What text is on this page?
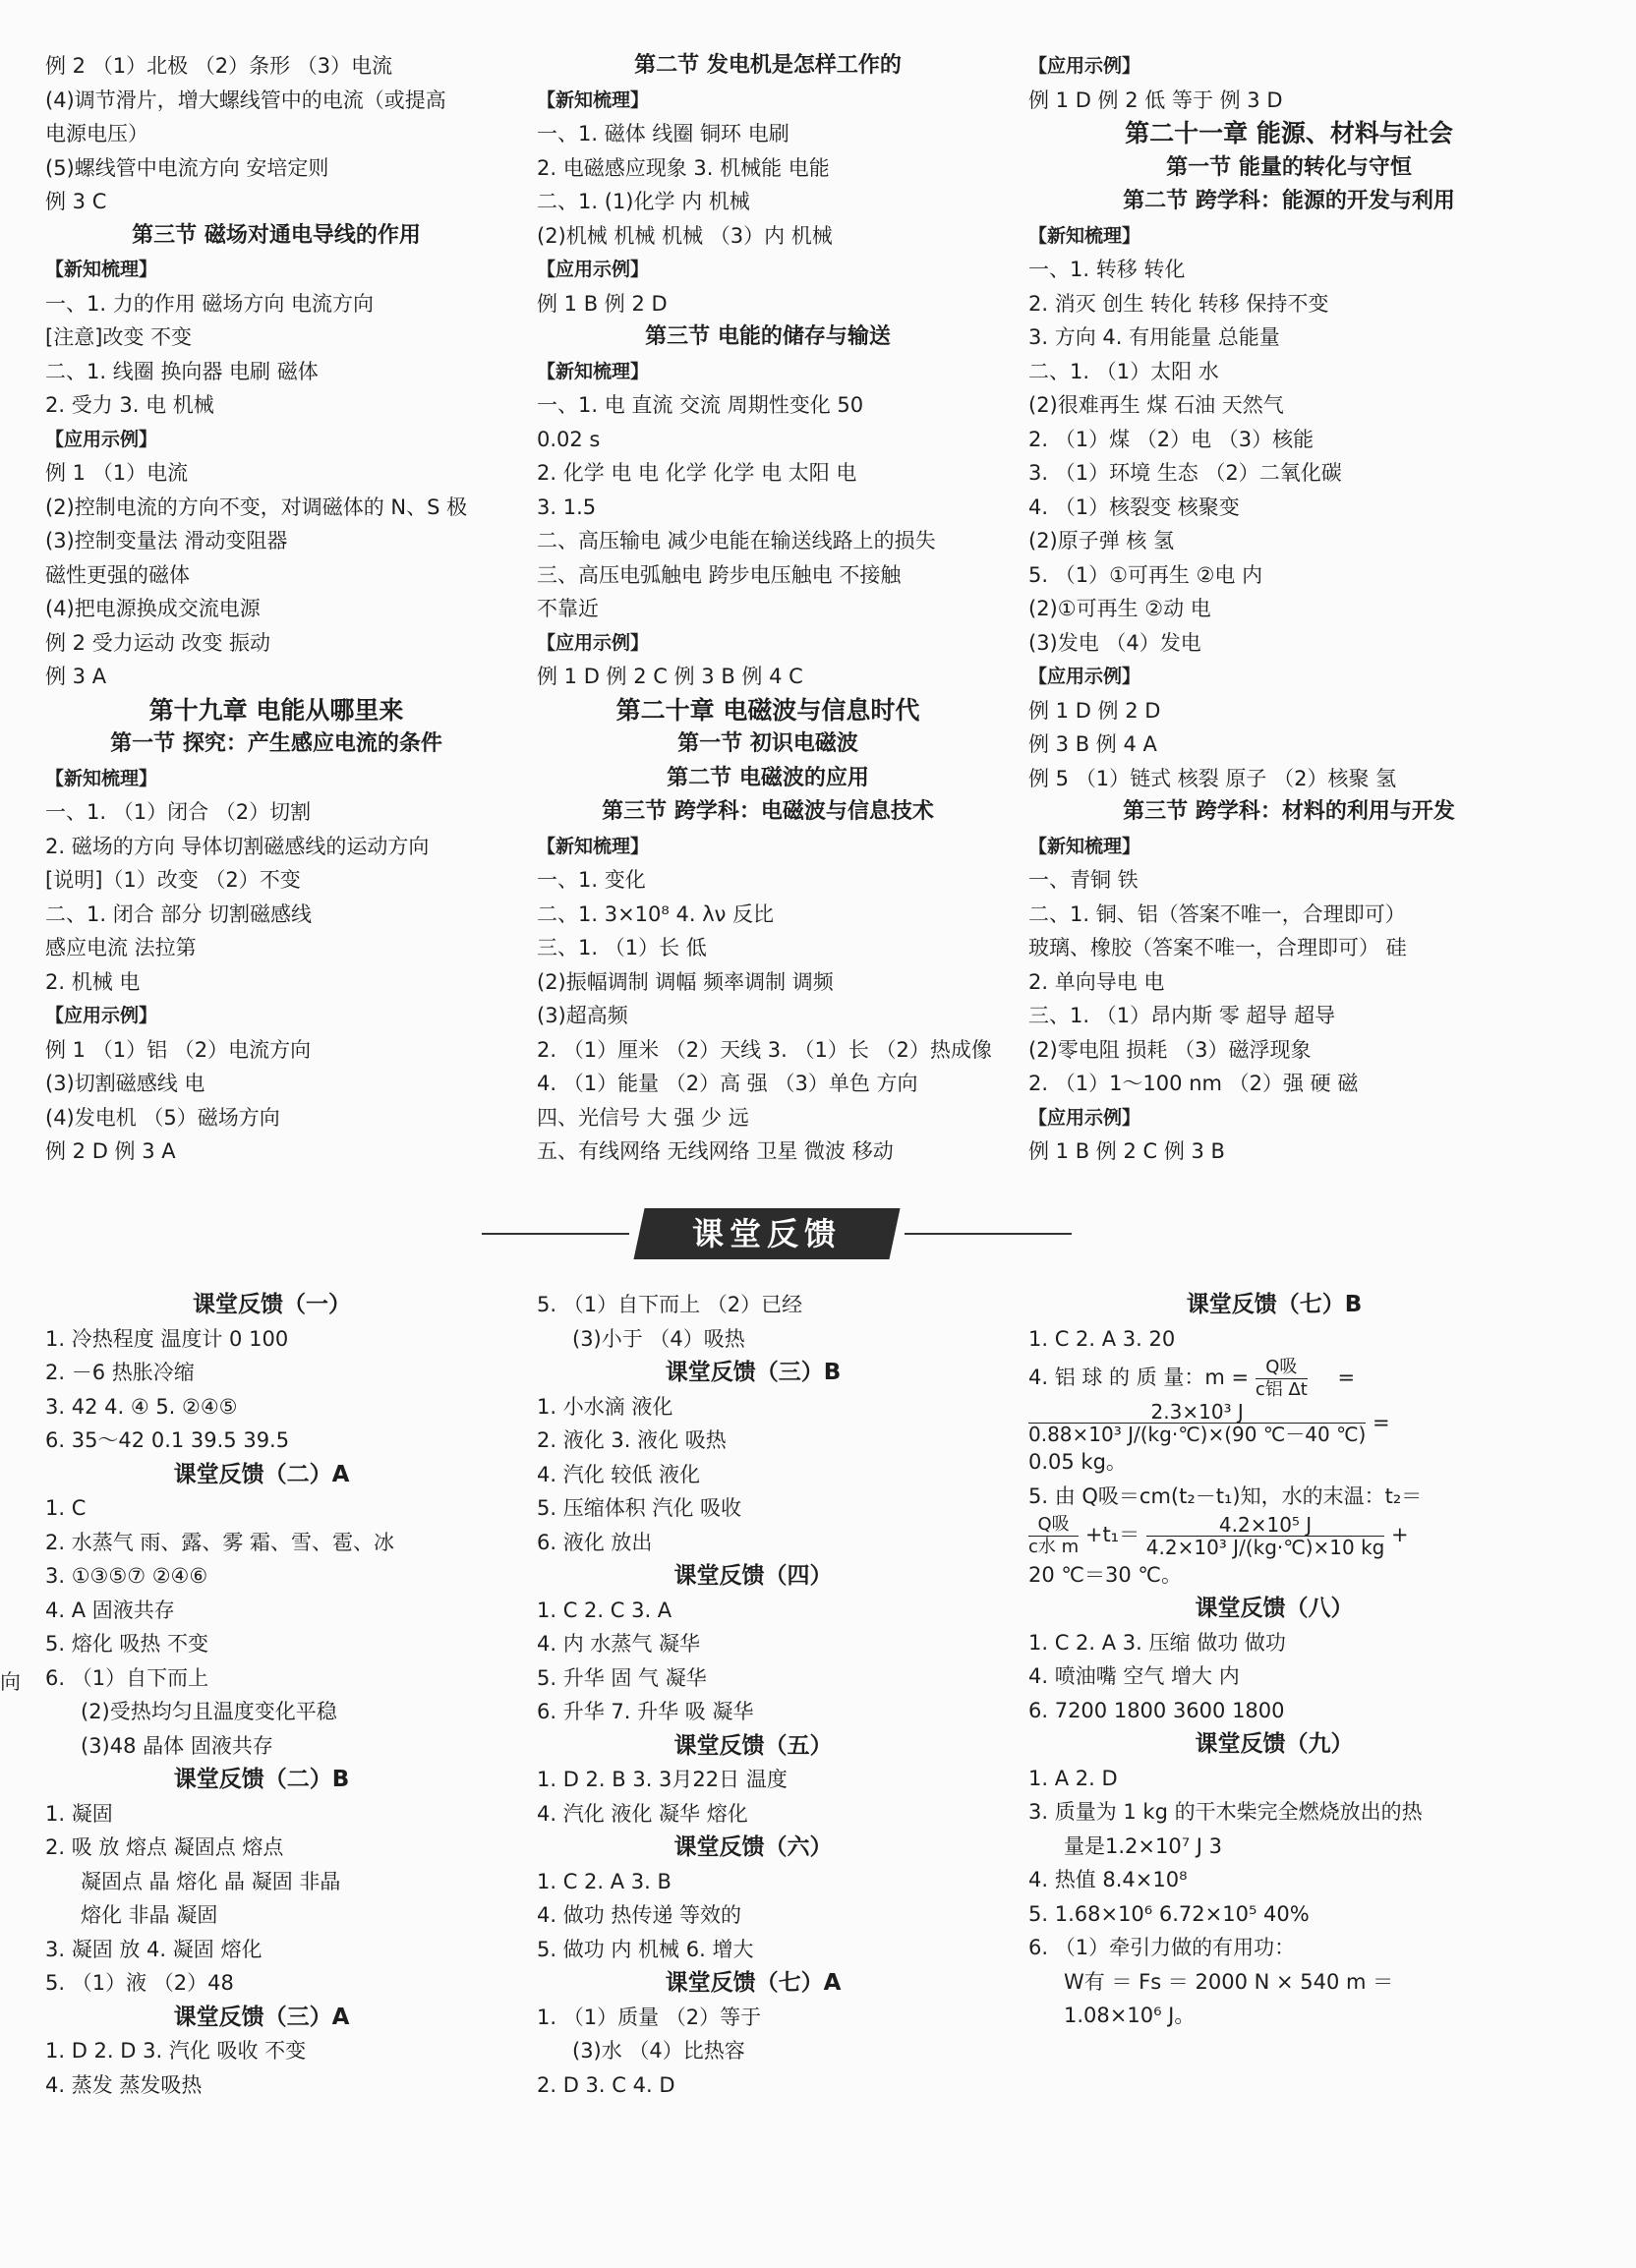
例 2 （1）北极 （2）条形 （3）电流
(4)调节滑片，增大螺线管中的电流（或提高
电源电压）
(5)螺线管中电流方向 安培定则
例 3 C
第三节 磁场对通电导线的作用
【新知梳理】
一、1. 力的作用 磁场方向 电流方向
[注意]改变 不变
二、1. 线圈 换向器 电刷 磁体
2. 受力 3. 电 机械
【应用示例】
例 1 （1）电流
(2)控制电流的方向不变，对调磁体的 N、S 极
(3)控制变量法 滑动变阻器
磁性更强的磁体
(4)把电源换成交流电源
例 2 受力运动 改变 振动
例 3 A
第十九章 电能从哪里来
第一节 探究：产生感应电流的条件
【新知梳理】
一、1. （1）闭合 （2）切割
2. 磁场的方向 导体切割磁感线的运动方向
[说明]（1）改变 （2）不变
二、1. 闭合 部分 切割磁感线
感应电流 法拉第
2. 机械 电
【应用示例】
例 1 （1）铝 （2）电流方向
(3)切割磁感线 电
(4)发电机 （5）磁场方向
例 2 D 例 3 A
第二节 发电机是怎样工作的
【新知梳理】
一、1. 磁体 线圈 铜环 电刷
2. 电磁感应现象 3. 机械能 电能
二、1. (1)化学 内 机械
(2)机械 机械 机械 （3）内 机械
【应用示例】
例 1 B 例 2 D
第三节 电能的储存与输送
【新知梳理】
一、1. 电 直流 交流 周期性变化 50
0.02 s
2. 化学 电 电 化学 化学 电 太阳 电
3. 1.5
二、高压输电 减少电能在输送线路上的损失
三、高压电弧触电 跨步电压触电 不接触
不靠近
【应用示例】
例 1 D 例 2 C 例 3 B 例 4 C
第二十章 电磁波与信息时代
第一节 初识电磁波
第二节 电磁波的应用
第三节 跨学科：电磁波与信息技术
【新知梳理】
一、1. 变化
二、1. 3×10⁸ 4. λν 反比
三、1. （1）长 低
(2)振幅调制 调幅 频率调制 调频
(3)超高频
2. （1）厘米 （2）天线 3. （1）长 （2）热成像
4. （1）能量 （2）高 强 （3）单色 方向
四、光信号 大 强 少 远
五、有线网络 无线网络 卫星 微波 移动
【应用示例】
例 1 D 例 2 低 等于 例 3 D
第二十一章 能源、材料与社会
第一节 能量的转化与守恒
第二节 跨学科：能源的开发与利用
【新知梳理】
一、1. 转移 转化
2. 消灭 创生 转化 转移 保持不变
3. 方向 4. 有用能量 总能量
二、1. （1）太阳 水
(2)很难再生 煤 石油 天然气
2. （1）煤 （2）电 （3）核能
3. （1）环境 生态 （2）二氧化碳
4. （1）核裂变 核聚变
(2)原子弹 核 氢
5. （1）①可再生 ②电 内
(2)①可再生 ②动 电
(3)发电 （4）发电
【应用示例】
例 1 D 例 2 D
例 3 B 例 4 A
例 5 （1）链式 核裂 原子 （2）核聚 氢
第三节 跨学科：材料的利用与开发
【新知梳理】
一、青铜 铁
二、1. 铜、铝（答案不唯一，合理即可）
玻璃、橡胶（答案不唯一，合理即可） 硅
2. 单向导电 电
三、1. （1）昂内斯 零 超导 超导
(2)零电阻 损耗 （3）磁浮现象
2. （1）1～100 nm （2）强 硬 磁
【应用示例】
例 1 B 例 2 C 例 3 B
课堂反馈
向
课堂反馈（一）
1. 冷热程度 温度计 0 100
2. －6 热胀冷缩
3. 42 4. ④ 5. ②④⑤
6. 35～42 0.1 39.5 39.5
课堂反馈（二）A
1. C
2. 水蒸气 雨、露、雾 霜、雪、雹、冰
3. ①③⑤⑦ ②④⑥
4. A 固液共存
5. 熔化 吸热 不变
6. （1）自下而上
(2)受热均匀且温度变化平稳
(3)48 晶体 固液共存
课堂反馈（二）B
1. 凝固
2. 吸 放 熔点 凝固点 熔点
凝固点 晶 熔化 晶 凝固 非晶
熔化 非晶 凝固
3. 凝固 放 4. 凝固 熔化
5. （1）液 （2）48
课堂反馈（三）A
1. D 2. D 3. 汽化 吸收 不变
4. 蒸发 蒸发吸热
5. （1）自下而上 （2）已经
(3)小于 （4）吸热
课堂反馈（三）B
1. 小水滴 液化
2. 液化 3. 液化 吸热
4. 汽化 较低 液化
5. 压缩体积 汽化 吸收
6. 液化 放出
课堂反馈（四）
1. C 2. C 3. A
4. 内 水蒸气 凝华
5. 升华 固 气 凝华
6. 升华 7. 升华 吸 凝华
课堂反馈（五）
1. D 2. B 3. 3月22日 温度
4. 汽化 液化 凝华 熔化
课堂反馈（六）
1. C 2. A 3. B
4. 做功 热传递 等效的
5. 做功 内 机械 6. 增大
课堂反馈（七）A
1. （1）质量 （2）等于
(3)水 （4）比热容
2. D 3. C 4. D
课堂反馈（七）B
1. C 2. A 3. 20
4. 铝 球 的 质 量：$m = \frac{\text{Q吸}}{\text{c铝 Δt}}$ =
$\frac{\text{2.3×10³ J}}{\text{0.88×10³ J/(kg·℃)×(90 ℃－40 ℃)}}$ =
0.05 kg。
5. 由 Q吸＝cm(t₂－t₁)知，水的末温：t₂＝
$\frac{\text{Q吸}}{\text{c水 m}} +t_1= \frac{\text{4.2×10⁵ J}}{\text{4.2×10³ J/(kg·℃)×10 kg}}$ +
20 ℃＝30 ℃。
课堂反馈（八）
1. C 2. A 3. 压缩 做功 做功
4. 喷油嘴 空气 增大 内
6. 7200 1800 3600 1800
课堂反馈（九）
1. A 2. D
3. 质量为 1 kg 的干木柴完全燃烧放出的热
量是1.2×10⁷ J 3
4. 热值 8.4×10⁸
5. 1.68×10⁶ 6.72×10⁵ 40%
6. （1）牵引力做的有用功：
W有 ＝ Fs ＝ 2000 N × 540 m ＝
1.08×10⁶ J。
